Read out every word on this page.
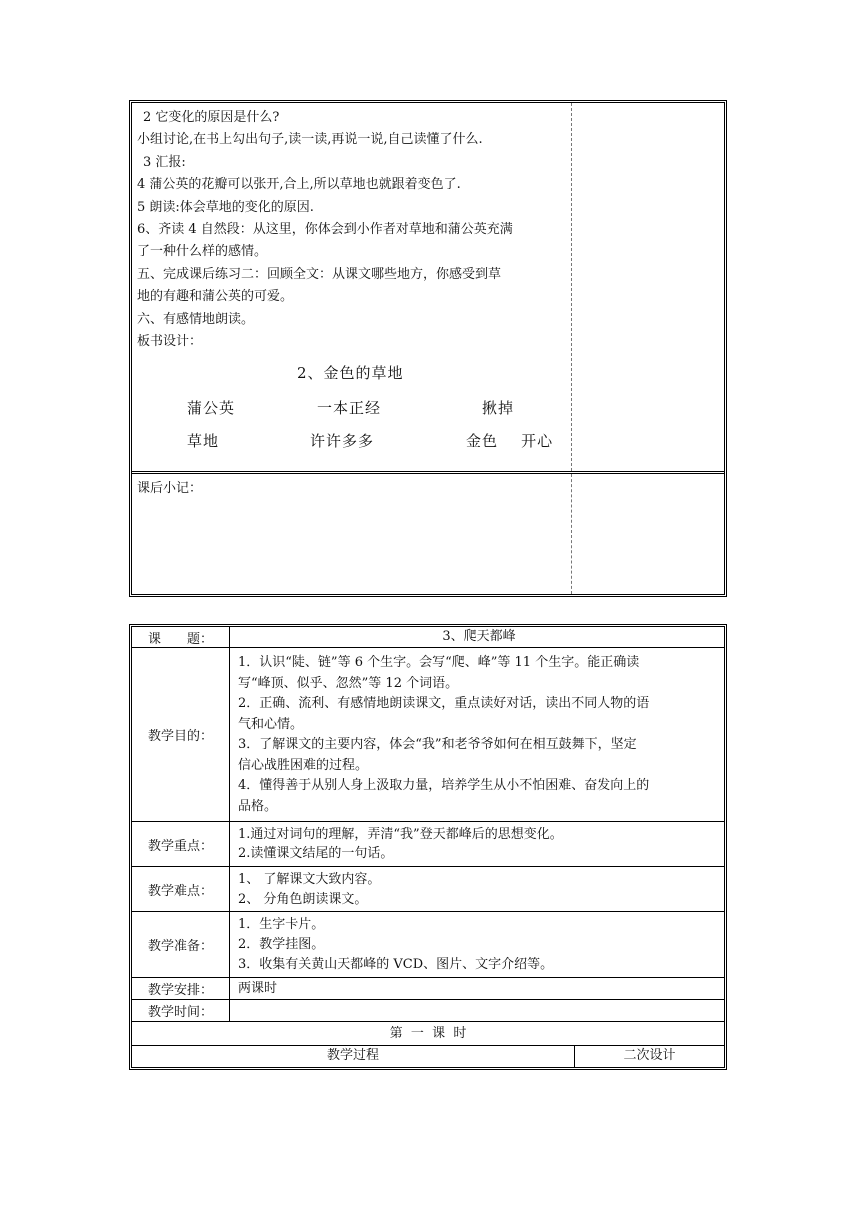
2 它变化的原因是什么?
小组讨论,在书上勾出句子,读一读,再说一说,自己读懂了什么.
3 汇报:
4 蒲公英的花瓣可以张开,合上,所以草地也就跟着变色了.
5 朗读:体会草地的变化的原因.
6、齐读 4 自然段：从这里，你体会到小作者对草地和蒲公英充满
了一种什么样的感情。
五、完成课后练习二：回顾全文：从课文哪些地方，你感受到草
地的有趣和蒲公英的可爱。
六、有感情地朗读。
板书设计：
2、金色的草地
蒲公英	一本正经	揪掉
草地	许许多多	金色    开心
课后小记：
课　　题：	3、爬天都峰
教学目的：
1．认识“陡、链”等 6 个生字。会写“爬、峰”等 11 个生字。能正确读
写“峰顶、似乎、忽然”等 12 个词语。
2．正确、流利、有感情地朗读课文，重点读好对话，读出不同人物的语
气和心情。
3．了解课文的主要内容，体会“我”和老爷爷如何在相互鼓舞下，坚定
信心战胜困难的过程。
4．懂得善于从别人身上汲取力量，培养学生从小不怕困难、奋发向上的
品格。
教学重点：
1.通过对词句的理解，弄清“我”登天都峰后的思想变化。
2.读懂课文结尾的一句话。
教学难点：
1、 了解课文大致内容。
2、 分角色朗读课文。
教学准备：
1．生字卡片。
2．教学挂图。
3．收集有关黄山天都峰的 VCD、图片、文字介绍等。
教学安排：	两课时
教学时间：
第  一  课  时
教学过程	二次设计
